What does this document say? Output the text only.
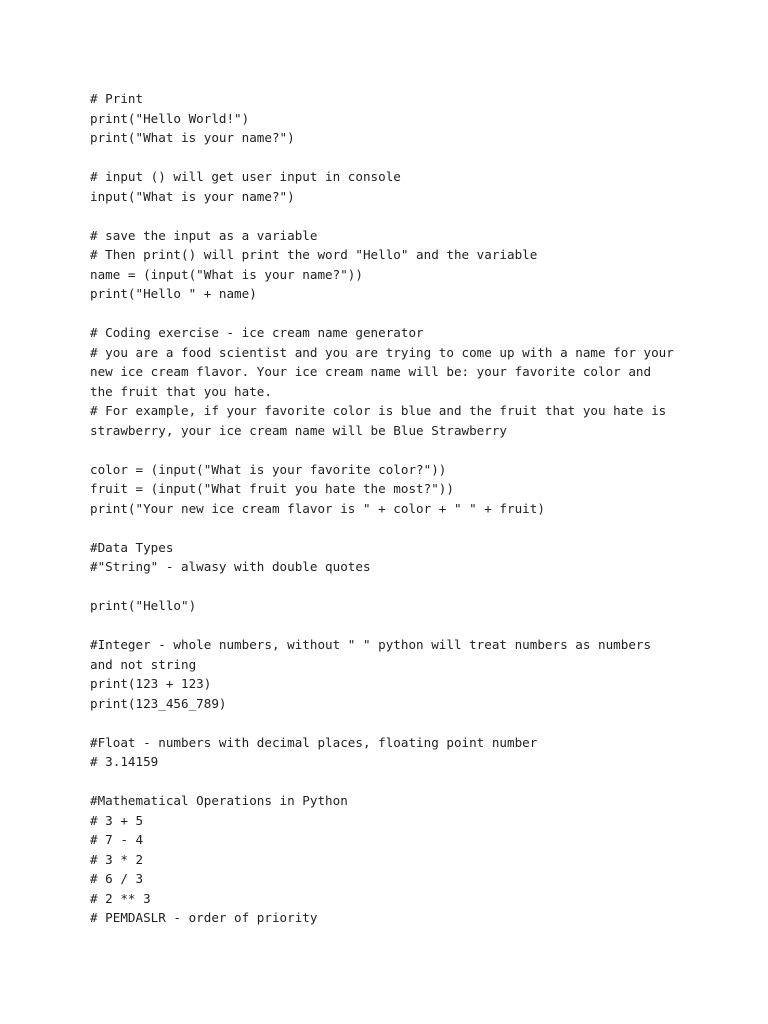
# Print
print("Hello World!")
print("What is your name?")
# input () will get user input in console
input("What is your name?")
# save the input as a variable
# Then print() will print the word "Hello" and the variable
name = (input("What is your name?"))
print("Hello " + name)
# Coding exercise - ice cream name generator
# you are a food scientist and you are trying to come up with a name for your
new ice cream flavor. Your ice cream name will be: your favorite color and
the fruit that you hate.
# For example, if your favorite color is blue and the fruit that you hate is
strawberry, your ice cream name will be Blue Strawberry
color = (input("What is your favorite color?"))
fruit = (input("What fruit you hate the most?"))
print("Your new ice cream flavor is " + color + " " + fruit)
#Data Types
#"String" - alwasy with double quotes
print("Hello")
#Integer - whole numbers, without " " python will treat numbers as numbers
and not string
print(123 + 123)
print(123_456_789)
#Float - numbers with decimal places, floating point number
# 3.14159
#Mathematical Operations in Python
# 3 + 5
# 7 - 4
# 3 * 2
# 6 / 3
# 2 ** 3
# PEMDASLR - order of priority
